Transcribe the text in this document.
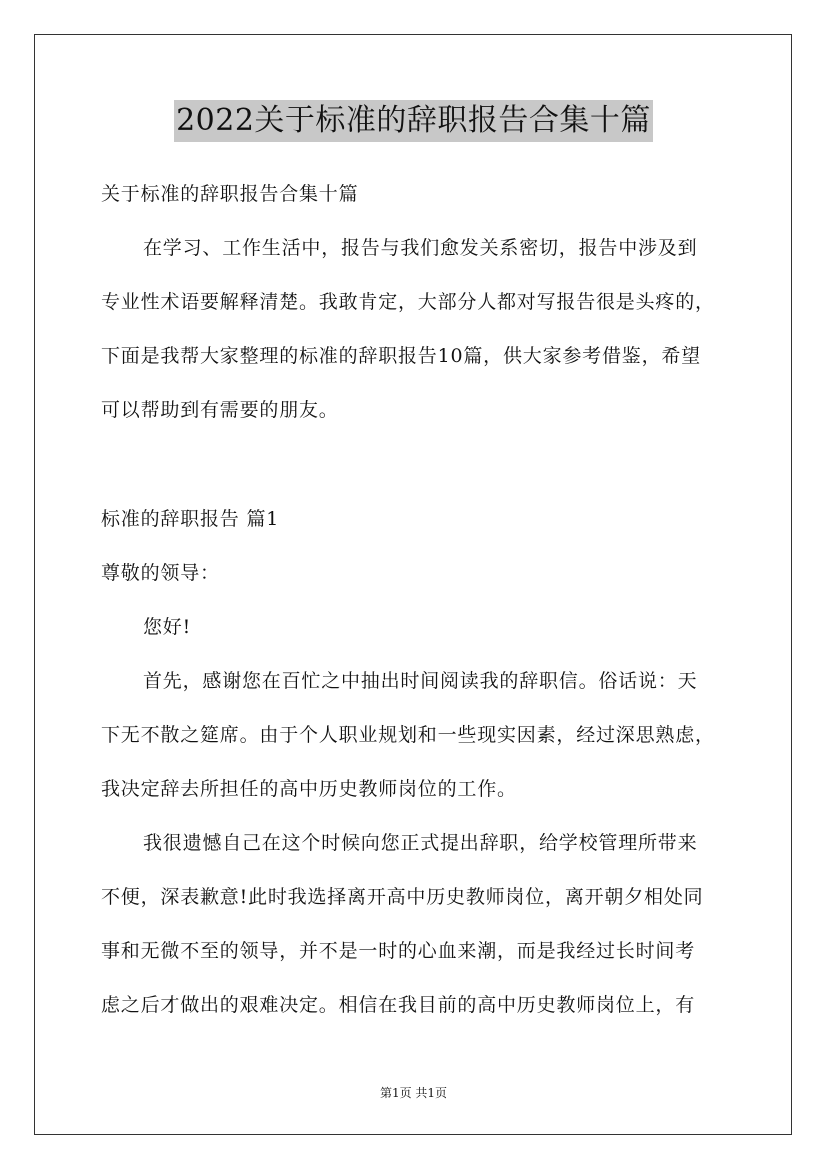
2022关于标准的辞职报告合集十篇
关于标准的辞职报告合集十篇
在学习、工作生活中，报告与我们愈发关系密切，报告中涉及到
专业性术语要解释清楚。我敢肯定，大部分人都对写报告很是头疼的，
下面是我帮大家整理的标准的辞职报告10篇，供大家参考借鉴，希望
可以帮助到有需要的朋友。
标准的辞职报告 篇1
尊敬的领导：
您好!
首先，感谢您在百忙之中抽出时间阅读我的辞职信。俗话说：天
下无不散之筵席。由于个人职业规划和一些现实因素，经过深思熟虑，
我决定辞去所担任的高中历史教师岗位的工作。
我很遗憾自己在这个时候向您正式提出辞职，给学校管理所带来
不便，深表歉意!此时我选择离开高中历史教师岗位，离开朝夕相处同
事和无微不至的领导，并不是一时的心血来潮，而是我经过长时间考
虑之后才做出的艰难决定。相信在我目前的高中历史教师岗位上，有
第1页 共1页
